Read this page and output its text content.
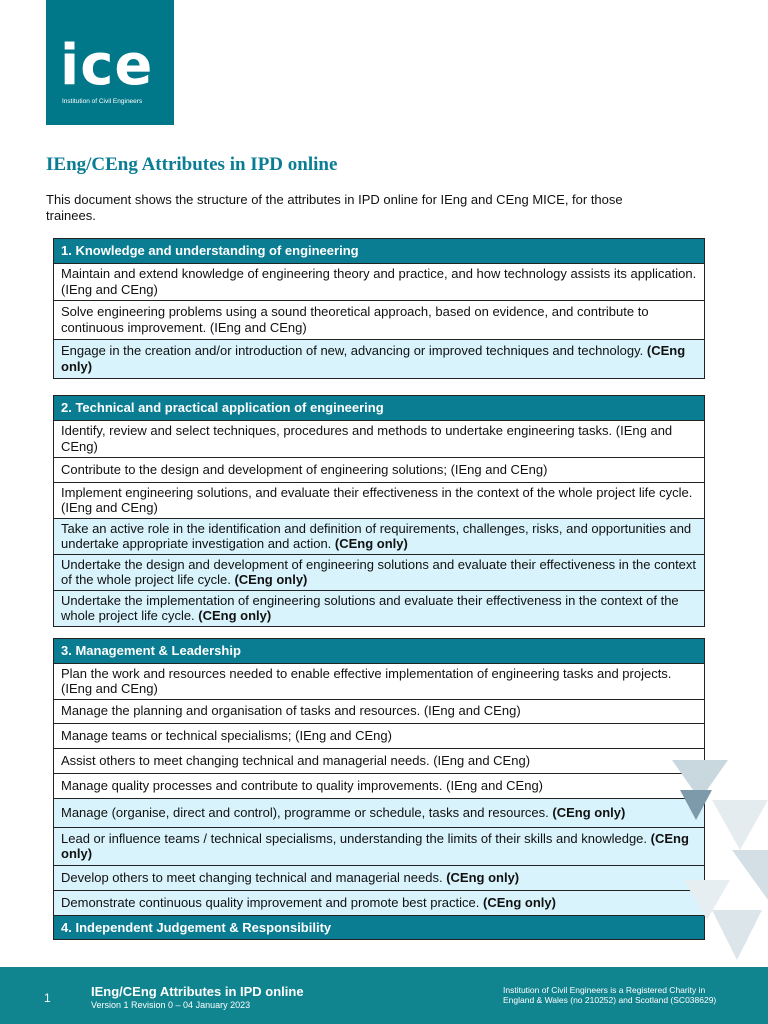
ice
Institution of Civil Engineers
IEng/CEng Attributes in IPD online

This document shows the structure of the attributes in IPD online for IEng and CEng MICE, for those trainees.

1. Knowledge and understanding of engineering
Maintain and extend knowledge of engineering theory and practice, and how technology assists its application. (IEng and CEng)
Solve engineering problems using a sound theoretical approach, based on evidence, and contribute to continuous improvement. (IEng and CEng)
Engage in the creation and/or introduction of new, advancing or improved techniques and technology. (CEng only)
2. Technical and practical application of engineering
Identify, review and select techniques, procedures and methods to undertake engineering tasks. (IEng and CEng)
Contribute to the design and development of engineering solutions; (IEng and CEng)
Implement engineering solutions, and evaluate their effectiveness in the context of the whole project life cycle. (IEng and CEng)
Take an active role in the identification and definition of requirements, challenges, risks, and opportunities and undertake appropriate investigation and action. (CEng only)
Undertake the design and development of engineering solutions and evaluate their effectiveness in the context of the whole project life cycle. (CEng only)
Undertake the implementation of engineering solutions and evaluate their effectiveness in the context of the whole project life cycle. (CEng only)
3. Management & Leadership
Plan the work and resources needed to enable effective implementation of engineering tasks and projects. (IEng and CEng)
Manage the planning and organisation of tasks and resources. (IEng and CEng)
Manage teams or technical specialisms; (IEng and CEng)
Assist others to meet changing technical and managerial needs. (IEng and CEng)
Manage quality processes and contribute to quality improvements. (IEng and CEng)
Manage (organise, direct and control), programme or schedule, tasks and resources. (CEng only)
Lead or influence teams / technical specialisms, understanding the limits of their skills and knowledge. (CEng only)
Develop others to meet changing technical and managerial needs. (CEng only)
Demonstrate continuous quality improvement and promote best practice. (CEng only)
4. Independent Judgement & Responsibility
1	IEng/CEng Attributes in IPD online
Version 1 Revision 0 – 04 January 2023
Institution of Civil Engineers is a Registered Charity in
England & Wales (no 210252) and Scotland (SC038629)
